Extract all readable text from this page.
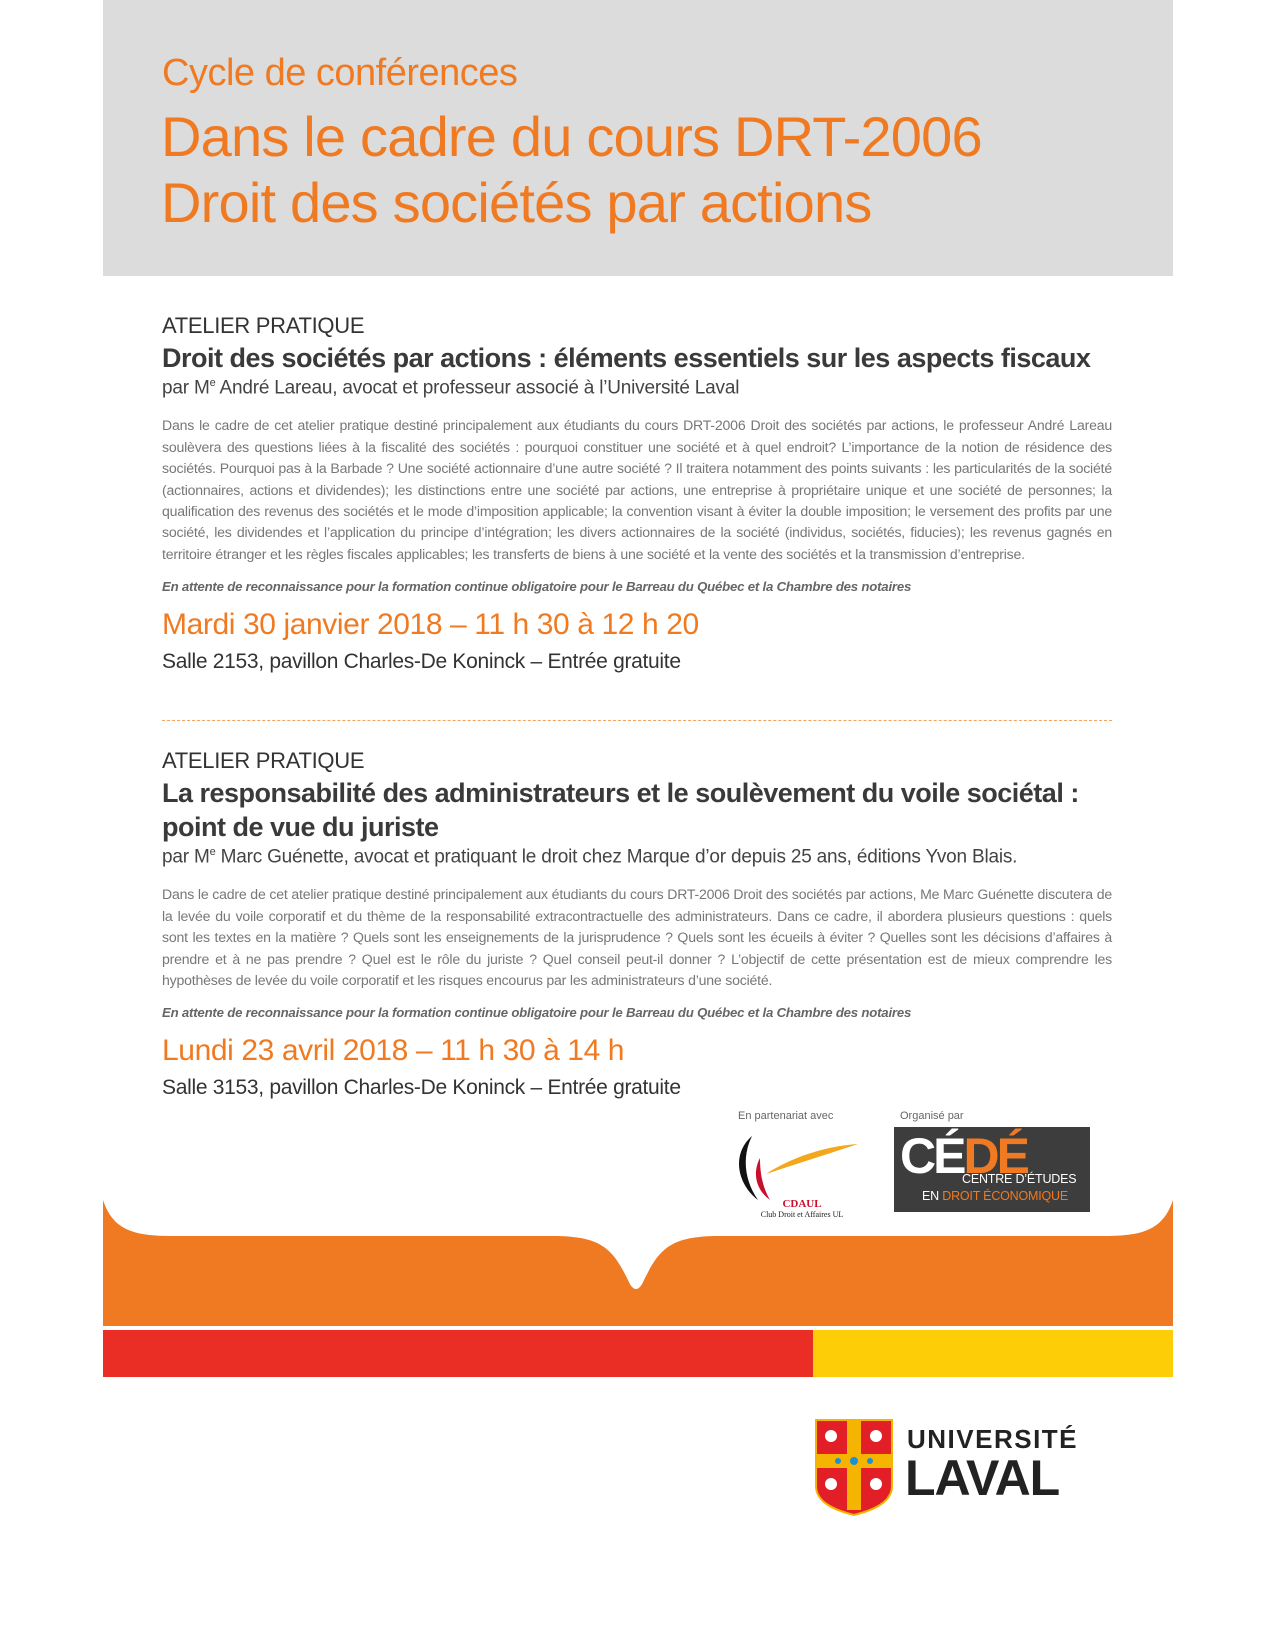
Cycle de conférences
Dans le cadre du cours DRT-2006
Droit des sociétés par actions
ATELIER PRATIQUE
Droit des sociétés par actions : éléments essentiels sur les aspects fiscaux
par Me André Lareau, avocat et professeur associé à l’Université Laval
Dans le cadre de cet atelier pratique destiné principalement aux étudiants du cours DRT-2006 Droit des sociétés par actions, le professeur André Lareau soulèvera des questions liées à la fiscalité des sociétés : pourquoi constituer une société et à quel endroit? L’importance de la notion de résidence des sociétés. Pourquoi pas à la Barbade ? Une société actionnaire d’une autre société ? Il traitera notamment des points suivants : les particularités de la société (actionnaires, actions et dividendes); les distinctions entre une société par actions, une entreprise à propriétaire unique et une société de personnes; la qualification des revenus des sociétés et le mode d’imposition applicable; la convention visant à éviter la double imposition; le versement des profits par une société, les dividendes et l’application du principe d’intégration; les divers actionnaires de la société (individus, sociétés, fiducies); les revenus gagnés en territoire étranger et les règles fiscales applicables; les transferts de biens à une société et la vente des sociétés et la transmission d’entreprise.
En attente de reconnaissance pour la formation continue obligatoire pour le Barreau du Québec et la Chambre des notaires
Mardi 30 janvier 2018 – 11 h 30 à 12 h 20
Salle 2153, pavillon Charles-De Koninck – Entrée gratuite
ATELIER PRATIQUE
La responsabilité des administrateurs et le soulèvement du voile sociétal :
point de vue du juriste
par Me Marc Guénette, avocat et pratiquant le droit chez Marque d’or depuis 25 ans, éditions Yvon Blais.
Dans le cadre de cet atelier pratique destiné principalement aux étudiants du cours DRT-2006 Droit des sociétés par actions, Me Marc Guénette discutera de la levée du voile corporatif et du thème de la responsabilité extracontractuelle des administrateurs. Dans ce cadre, il abordera plusieurs questions : quels sont les textes en la matière ? Quels sont les enseignements de la jurisprudence ? Quels sont les écueils à éviter ? Quelles sont les décisions d’affaires à prendre et à ne pas prendre ? Quel est le rôle du juriste ? Quel conseil peut-il donner ? L’objectif de cette présentation est de mieux comprendre les hypothèses de levée du voile corporatif et les risques encourus par les administrateurs d’une société.
En attente de reconnaissance pour la formation continue obligatoire pour le Barreau du Québec et la Chambre des notaires
Lundi 23 avril 2018 – 11 h 30 à 14 h
Salle 3153, pavillon Charles-De Koninck – Entrée gratuite
En partenariat avec	Organisé par
CDAUL
Club Droit et Affaires UL
CÉDÉ
CENTRE D’ÉTUDES
EN DROIT ÉCONOMIQUE
UNIVERSITÉ
LAVAL
